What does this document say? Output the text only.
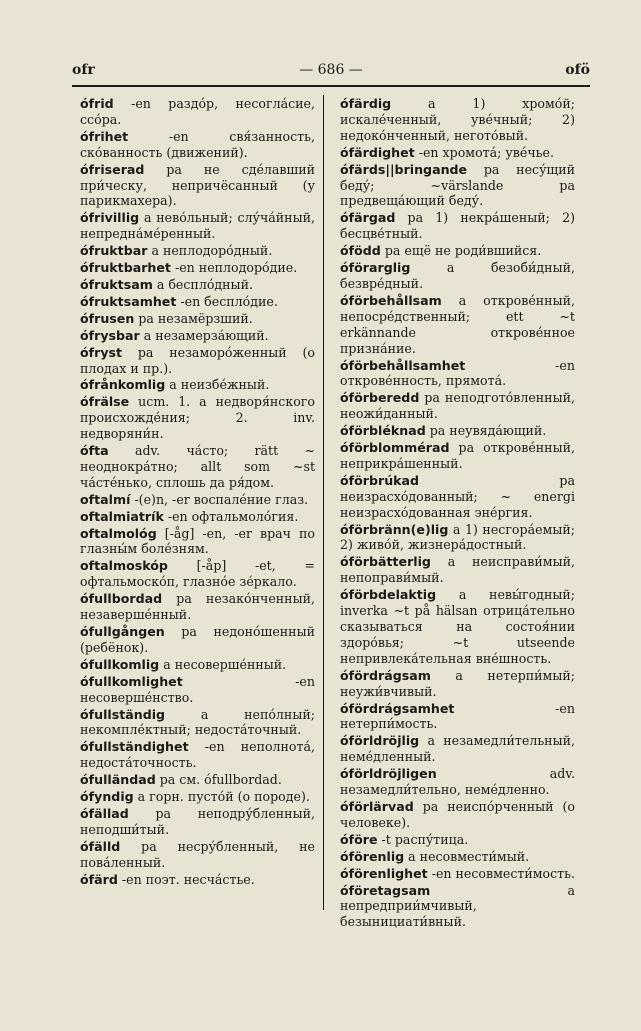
ofr	— 686 —	ofö
ófrid -en раздо́р, несогла́сие, ссо́ра.
ófrihet -en свя́занность, ско́ванность (движений).
ófriserad pa не сде́лавший при́ческу, непричёсанный (у парикмахера).
ófrivillig a нево́льный; слу́ча́йный, непредна́ме́ренный.
ófruktbar a неплодоро́дный.
ófruktbarhet -en неплодоро́дие.
ófruktsam a беспло́дный.
ófruktsamhet -en беспло́дие.
ófrusen pa незамёрзший.
ófrysbar a незамерза́ющий.
ófryst pa незаморо́женный (о плодах и пр.).
ófrånkomlig a неизбе́жный.
ófrälse ucm. 1. a недворя́нского происхожде́ния; 2. inv. недворяни́н.
ófta adv. ча́сто; rätt ~ неоднокра́тно; allt som ~st ча́сте́нько, сплошь да ря́дом.
oftalmí -(e)n, -er воспале́ние глаз.
oftalmiatrík -en офтальмоло́гия.
oftalmológ [-åg] -en, -er врач по глазны́м боле́зням.
oftalmoskóp [-åp] -et, = офтальмоско́п, глазно́е зе́ркало.
ófullbordad pa незако́нченный, незаверше́нный.
ófullgången pa недоно́шенный (ребёнок).
ófullkomlig a несоверше́нный.
ófullkomlighet -en несоверше́нство.
ófullständig a непо́лный; некомпле́ктный; недоста́точный.
ófullständighet -en неполнота́, недоста́точность.
ófulländad pa см. ófullbordad.
ófyndig a горн. пусто́й (о породе).
ófällad pa неподру́бленный, неподши́тый.
ófälld pa несру́бленный, не пова́ленный.
ófärd -en поэт. несча́стье.
ófärdig a 1) хромо́й; искале́ченный, уве́чный; 2) недоко́нченный, негото́вый.
ófärdighet -en хромота́; уве́чье.
ófärds||bringande pa несу́щий беду́; ~värslande pa предвеща́ющий беду́.
ófärgad pa 1) некра́шеный; 2) бесцве́тный.
ófödd pa ещё не роди́вшийся.
óförarglig a безоби́дный, безвре́дный.
óförbehållsam a открове́нный, непосре́дственный; ett ~t erkännande открове́нное призна́ние.
óförbehållsamhet -en открове́нность, прямота́.
óförberedd pa неподгото́вленный, неожи́данный.
óförbléknad pa неувяда́ющий.
óförblommérad pa открове́нный, неприкра́шенный.
óförbrúkad pa неизрасхо́дованный; ~ energi неизрасхо́дованная эне́ргия.
óförbränn(e)lig a 1) несгора́емый; 2) живо́й, жизнера́достный.
óförbätterlig a неисправи́мый, непоправи́мый.
óförbdelaktig a невы́годный; inverka ~t på hälsan отрица́тельно сказываться на состоя́нии здоро́вья; ~t utseende непривлека́тельная вне́шность.
ófördrágsam a нетерпи́мый; неужи́вчивый.
ófördrágsamhet -en нетерпи́мость.
óförldröjlig a незамедли́тельный, неме́дленный.
óförldröjligen adv. незамедли́тельно, неме́дленно.
óförlärvad pa неиспо́рченный (о человеке).
óföre -t распу́тица.
óförenlig a несовмести́мый.
óförenlighet -en несовмести́мость.
óföretagsam a непредприи́мчивый, безынициати́вный.
